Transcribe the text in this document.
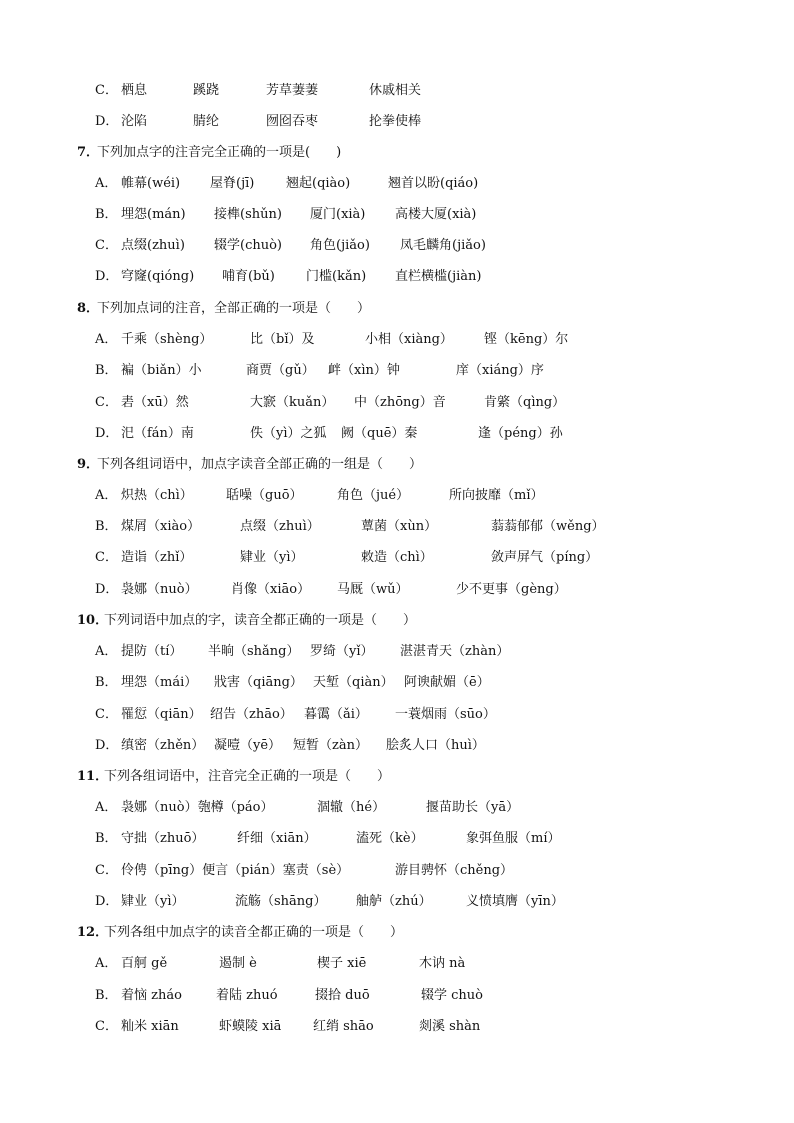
C． 栖息	蹊跷	芳草萋萋	休戚相关
D． 沦陷	腈纶	囫囵吞枣	抡拳使棒
7．
下列加点字的注音完全正确的一项是(　　)
A． 帷幕(wéi) 屋脊(jī) 翘起(qiào)	翘首以盼(qiáo)
B． 埋怨(mán) 接榫(shǔn) 厦门(xià) 高楼大厦(xià)
C． 点缀(zhuì) 辍学(chuò) 角色(jiǎo) 凤毛麟角(jiǎo)
D． 穹窿(qióng) 哺育(bǔ) 门槛(kǎn) 直栏横槛(jiàn)
8．
下列加点词的注音，全部正确的一项是（　　）
A． 千乘（shèng）	比（bǐ）及	小相（xiàng） 铿（kēng）尔
B． 褊（biǎn）小	商贾（gǔ） 衅（xìn）钟	庠（xiáng）序
C． 砉（xū）然	大窾（kuǎn） 中（zhōng）音	肯綮（qìng）
D． 汜（fán）南	佚（yì）之狐 阙（quē）秦	逢（péng）孙
9．
下列各组词语中，加点字读音全部正确的一组是（　　）
A． 炽热（chì）	聒噪（guō）	角色（jué）	所向披靡（mǐ）
B． 煤屑（xiào）	点缀（zhuì）	蕈菌（xùn）	蓊蓊郁郁（wěng）
C． 造诣（zhǐ）	肄业（yì）	敕造（chì）	敛声屏气（píng）
D． 袅娜（nuò）	肖像（xiāo） 马厩（wǔ）	少不更事（gèng）
10．
下列词语中加点的字，读音全都正确的一项是（　　）
A． 提防（tí） 半晌（shǎng） 罗绮（yǐ） 湛湛青天（zhàn）
B． 埋怨（mái） 戕害（qiāng） 天堑（qiàn） 阿谀献媚（ē）
C． 罹愆（qiān） 绍告（zhāo） 暮霭（ǎi） 一蓑烟雨（sūo）
D． 缜密（zhěn） 凝噎（yē） 短暂（zàn） 脍炙人口（huì）
11．
下列各组词语中，注音完全正确的一项是（　　）
A． 袅娜（nuò）匏樽（páo）	涸辙（hé）	揠苗助长（yā）
B． 守拙（zhuō）	纤细（xiān）	溘死（kè）	象弭鱼服（mí）
C． 伶俜（pīng）便言（pián）塞责（sè）	游目骋怀（chěng）
D． 肄业（yì）	流觞（shāng） 舳舻（zhú）	义愤填膺（yīn）
12．
下列各组中加点字的读音全都正确的一项是（　　）
A． 百舸 gě	遏制 è	楔子 xiē	木讷 nà
B． 着恼 zháo	着陆 zhuó	掇拾 duō	辍学 chuò
C． 籼米 xiān	虾蟆陵 xiā 红绡 shāo	剡溪 shàn
